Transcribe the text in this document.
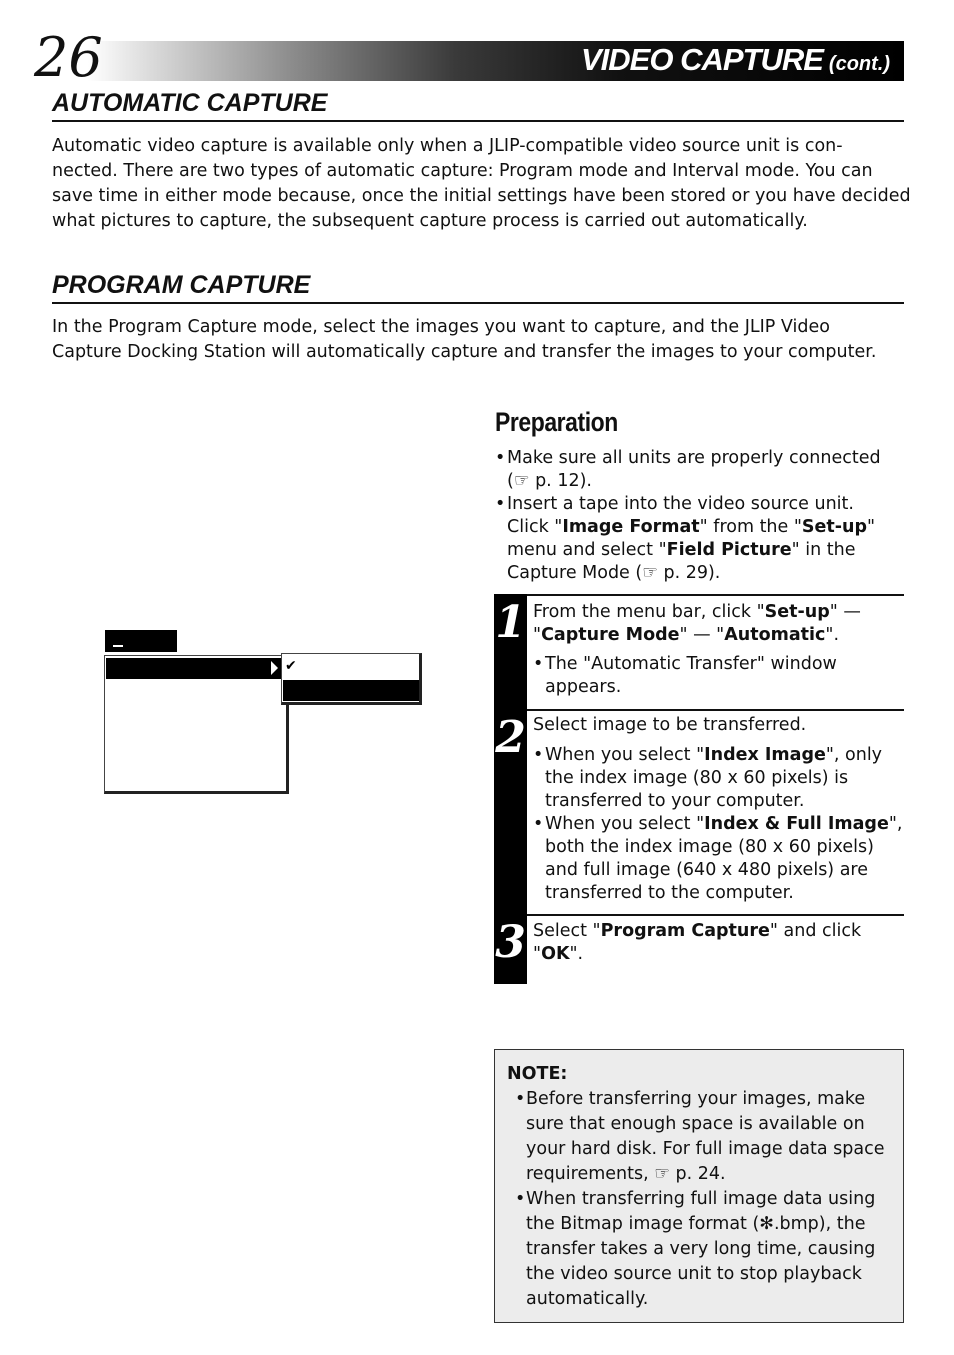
26	VIDEO CAPTURE (cont.)
AUTOMATIC CAPTURE
Automatic video capture is available only when a JLIP-compatible video source unit is con-
nected. There are two types of automatic capture: Program mode and Interval mode. You can
save time in either mode because, once the initial settings have been stored or you have decided
what pictures to capture, the subsequent capture process is carried out automatically.
PROGRAM CAPTURE
In the Program Capture mode, select the images you want to capture, and the JLIP Video
Capture Docking Station will automatically capture and transfer the images to your computer.
✔
Preparation
• Make sure all units are properly connected
(☞ p. 12).
• Insert a tape into the video source unit.
Click "Image Format" from the "Set-up" menu and select "Field Picture" in the Capture Mode (☞ p. 29).
1
2
3
From the menu bar, click "Set-up" — "Capture Mode" — "Automatic".
• The "Automatic Transfer" window appears.
Select image to be transferred.
• When you select "Index Image", only the index image (80 x 60 pixels) is transferred to your computer.
• When you select "Index & Full Image", both the index image (80 x 60 pixels) and full image (640 x 480 pixels) are transferred to the computer.
Select "Program Capture" and click "OK".
NOTE:
• Before transferring your images, make sure that enough space is available on your hard disk. For full image data space requirements, ☞ p. 24.
• When transferring full image data using the Bitmap image format (✻.bmp), the transfer takes a very long time, causing the video source unit to stop playback automatically.
